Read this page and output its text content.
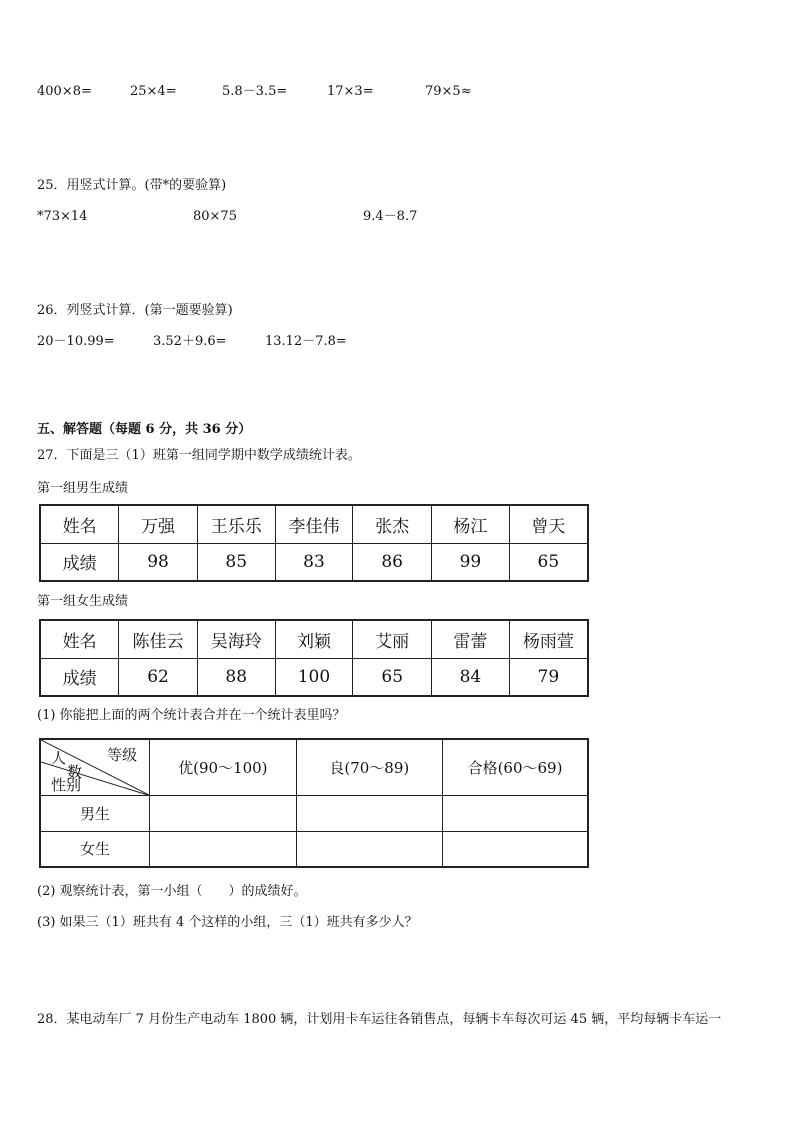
400×8=	25×4=	5.8－3.5=	17×3=	79×5≈
25．用竖式计算。(带*的要验算)
*73×14	80×75	9.4－8.7
26．列竖式计算．(第一题要验算)
20－10.99=	3.52＋9.6=	13.12－7.8=
五、解答题（每题 6 分，共 36 分）
27．下面是三（1）班第一组同学期中数学成绩统计表。
第一组男生成绩
姓名	万强	王乐乐	李佳伟	张杰	杨江	曾天
成绩	98	85	83	86	99	65
第一组女生成绩
姓名	陈佳云	吴海玲	刘颖	艾丽	雷蕾	杨雨萱
成绩	62	88	100	65	84	79
(1) 你能把上面的两个统计表合并在一个统计表里吗？
等级
人
数
性别	优(90～100)	良(70～89)	合格(60～69)
男生			
女生			
(2) 观察统计表，第一小组（　　）的成绩好。
(3) 如果三（1）班共有 4 个这样的小组，三（1）班共有多少人？
28．某电动车厂 7 月份生产电动车 1800 辆，计划用卡车运往各销售点，每辆卡车每次可运 45 辆，平均每辆卡车运一
